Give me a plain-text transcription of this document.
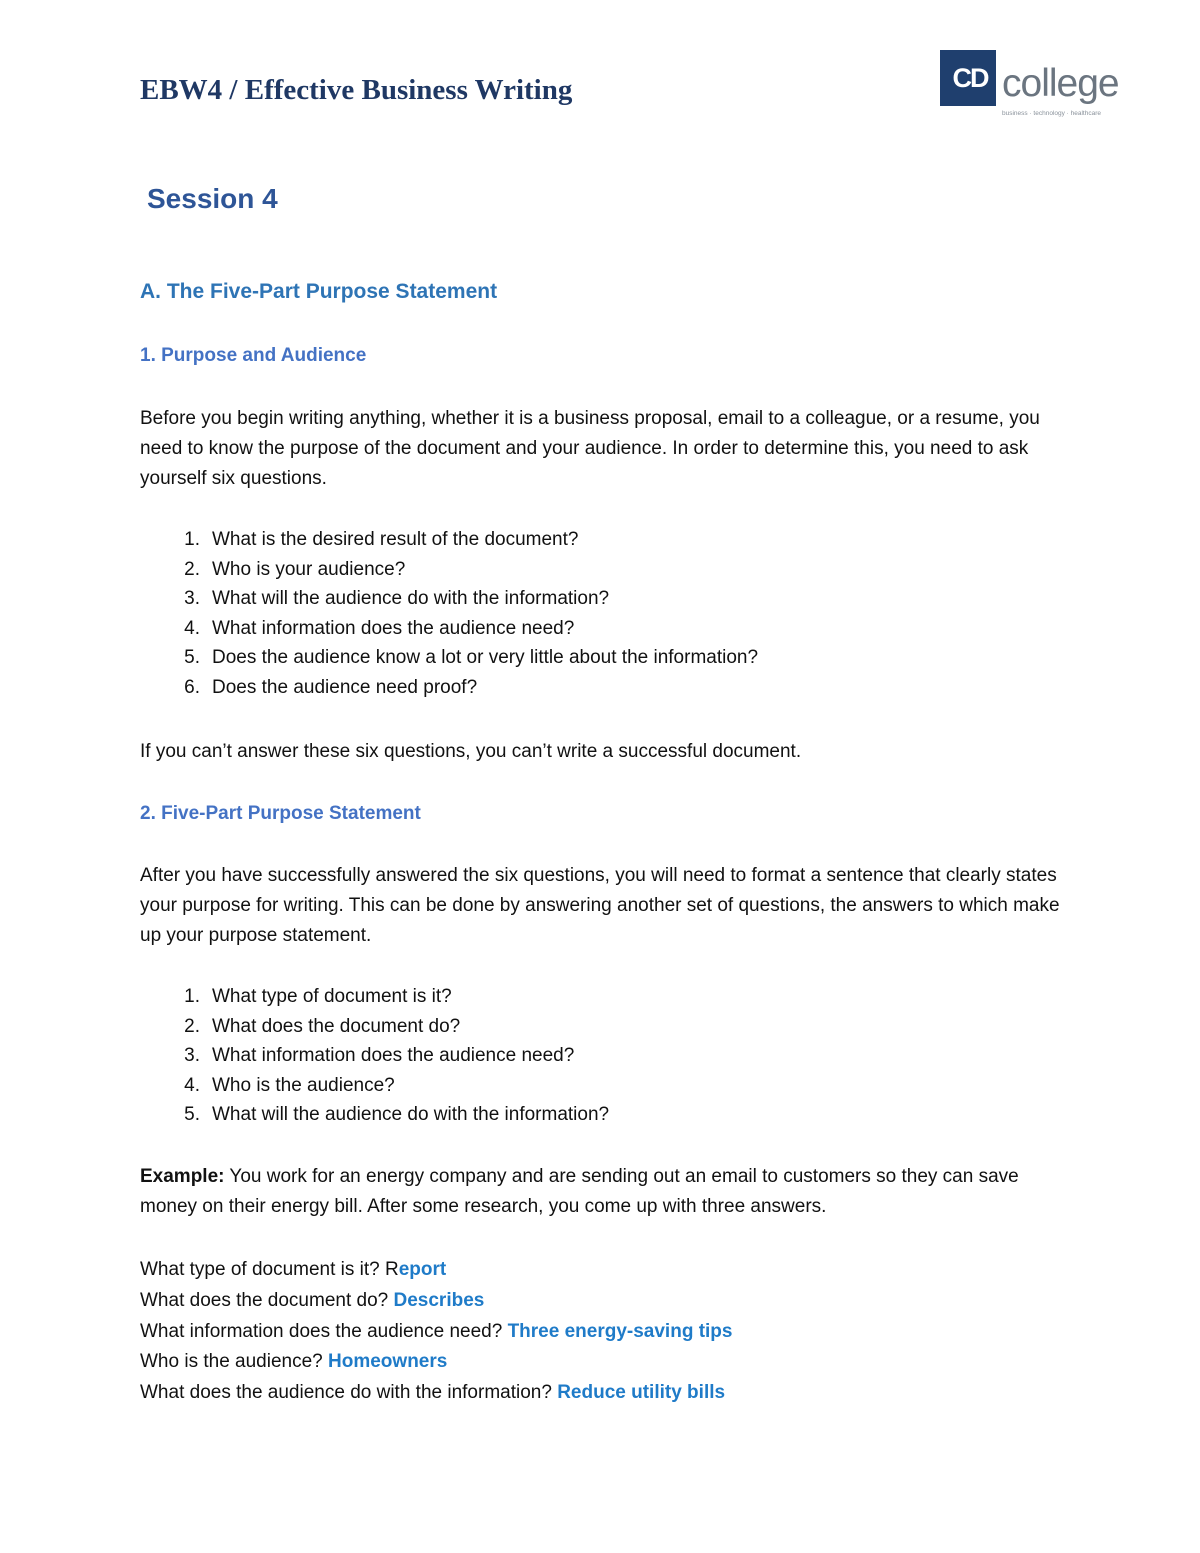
EBW4 / Effective Business Writing	CD college
business · technology · healthcare
Session 4
A. The Five-Part Purpose Statement
1. Purpose and Audience

Before you begin writing anything, whether it is a business proposal, email to a colleague, or a resume, you need to know the purpose of the document and your audience. In order to determine this, you need to ask yourself six questions.

1. What is the desired result of the document?
2. Who is your audience?
3. What will the audience do with the information?
4. What information does the audience need?
5. Does the audience know a lot or very little about the information?
6. Does the audience need proof?

If you can’t answer these six questions, you can’t write a successful document.

2. Five-Part Purpose Statement

After you have successfully answered the six questions, you will need to format a sentence that clearly states your purpose for writing. This can be done by answering another set of questions, the answers to which make up your purpose statement.

1. What type of document is it?
2. What does the document do?
3. What information does the audience need?
4. Who is the audience?
5. What will the audience do with the information?

Example: You work for an energy company and are sending out an email to customers so they can save money on their energy bill. After some research, you come up with three answers.

What type of document is it? Report
What does the document do? Describes
What information does the audience need? Three energy-saving tips
Who is the audience? Homeowners
What does the audience do with the information? Reduce utility bills
